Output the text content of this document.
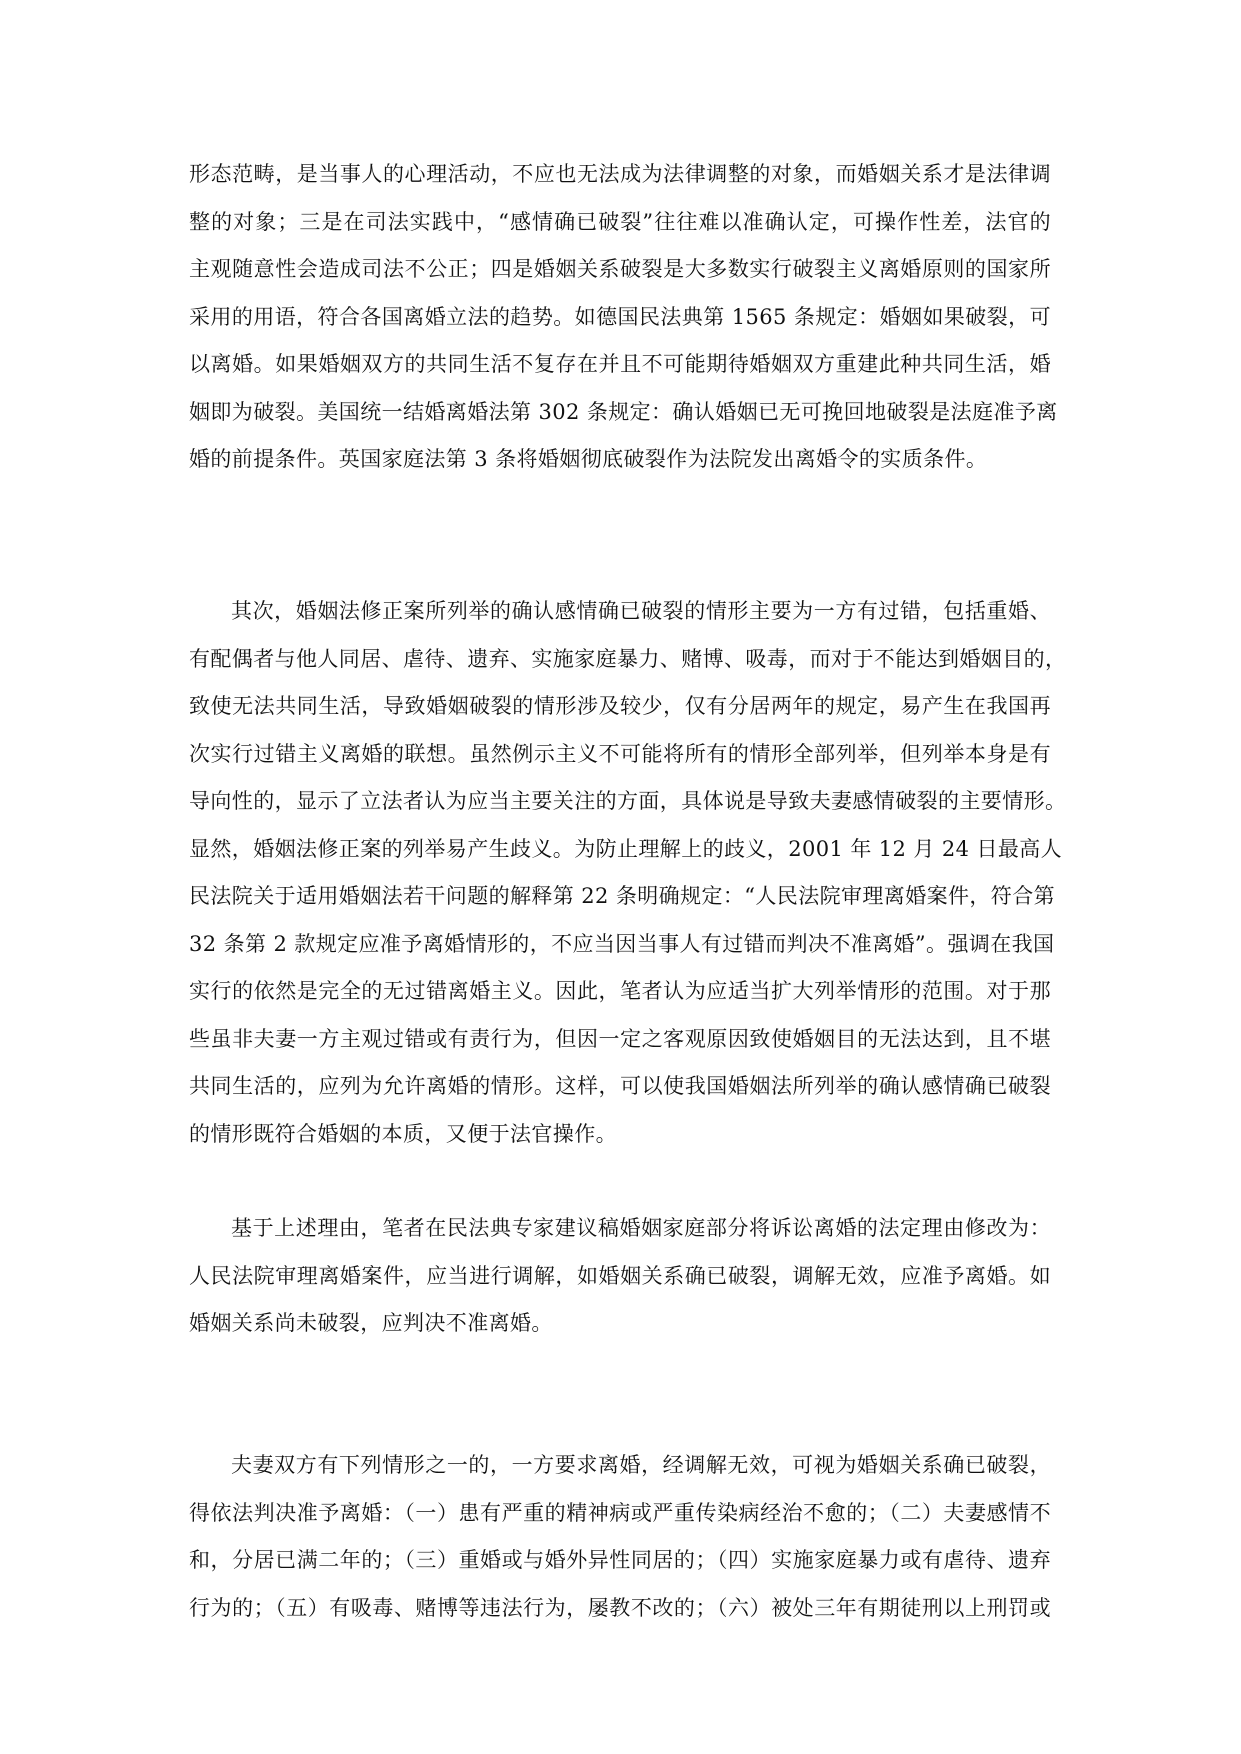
形态范畴，是当事人的心理活动，不应也无法成为法律调整的对象，而婚姻关系才是法律调
整的对象；三是在司法实践中，“感情确已破裂”往往难以准确认定，可操作性差，法官的
主观随意性会造成司法不公正；四是婚姻关系破裂是大多数实行破裂主义离婚原则的国家所
采用的用语，符合各国离婚立法的趋势。如德国民法典第 1565 条规定：婚姻如果破裂，可
以离婚。如果婚姻双方的共同生活不复存在并且不可能期待婚姻双方重建此种共同生活，婚
姻即为破裂。美国统一结婚离婚法第 302 条规定：确认婚姻已无可挽回地破裂是法庭准予离
婚的前提条件。英国家庭法第 3 条将婚姻彻底破裂作为法院发出离婚令的实质条件。
其次，婚姻法修正案所列举的确认感情确已破裂的情形主要为一方有过错，包括重婚、
有配偶者与他人同居、虐待、遗弃、实施家庭暴力、赌博、吸毒，而对于不能达到婚姻目的，
致使无法共同生活，导致婚姻破裂的情形涉及较少，仅有分居两年的规定，易产生在我国再
次实行过错主义离婚的联想。虽然例示主义不可能将所有的情形全部列举，但列举本身是有
导向性的，显示了立法者认为应当主要关注的方面，具体说是导致夫妻感情破裂的主要情形。
显然，婚姻法修正案的列举易产生歧义。为防止理解上的歧义，2001 年 12 月 24 日最高人
民法院关于适用婚姻法若干问题的解释第 22 条明确规定：“人民法院审理离婚案件，符合第
32 条第 2 款规定应准予离婚情形的，不应当因当事人有过错而判决不准离婚”。强调在我国
实行的依然是完全的无过错离婚主义。因此，笔者认为应适当扩大列举情形的范围。对于那
些虽非夫妻一方主观过错或有责行为，但因一定之客观原因致使婚姻目的无法达到，且不堪
共同生活的，应列为允许离婚的情形。这样，可以使我国婚姻法所列举的确认感情确已破裂
的情形既符合婚姻的本质，又便于法官操作。
基于上述理由，笔者在民法典专家建议稿婚姻家庭部分将诉讼离婚的法定理由修改为：
人民法院审理离婚案件，应当进行调解，如婚姻关系确已破裂，调解无效，应准予离婚。如
婚姻关系尚未破裂，应判决不准离婚。
夫妻双方有下列情形之一的，一方要求离婚，经调解无效，可视为婚姻关系确已破裂，
得依法判决准予离婚：（一）患有严重的精神病或严重传染病经治不愈的；（二）夫妻感情不
和，分居已满二年的；（三）重婚或与婚外异性同居的；（四）实施家庭暴力或有虐待、遗弃
行为的；（五）有吸毒、赌博等违法行为，屡教不改的；（六）被处三年有期徒刑以上刑罚或
